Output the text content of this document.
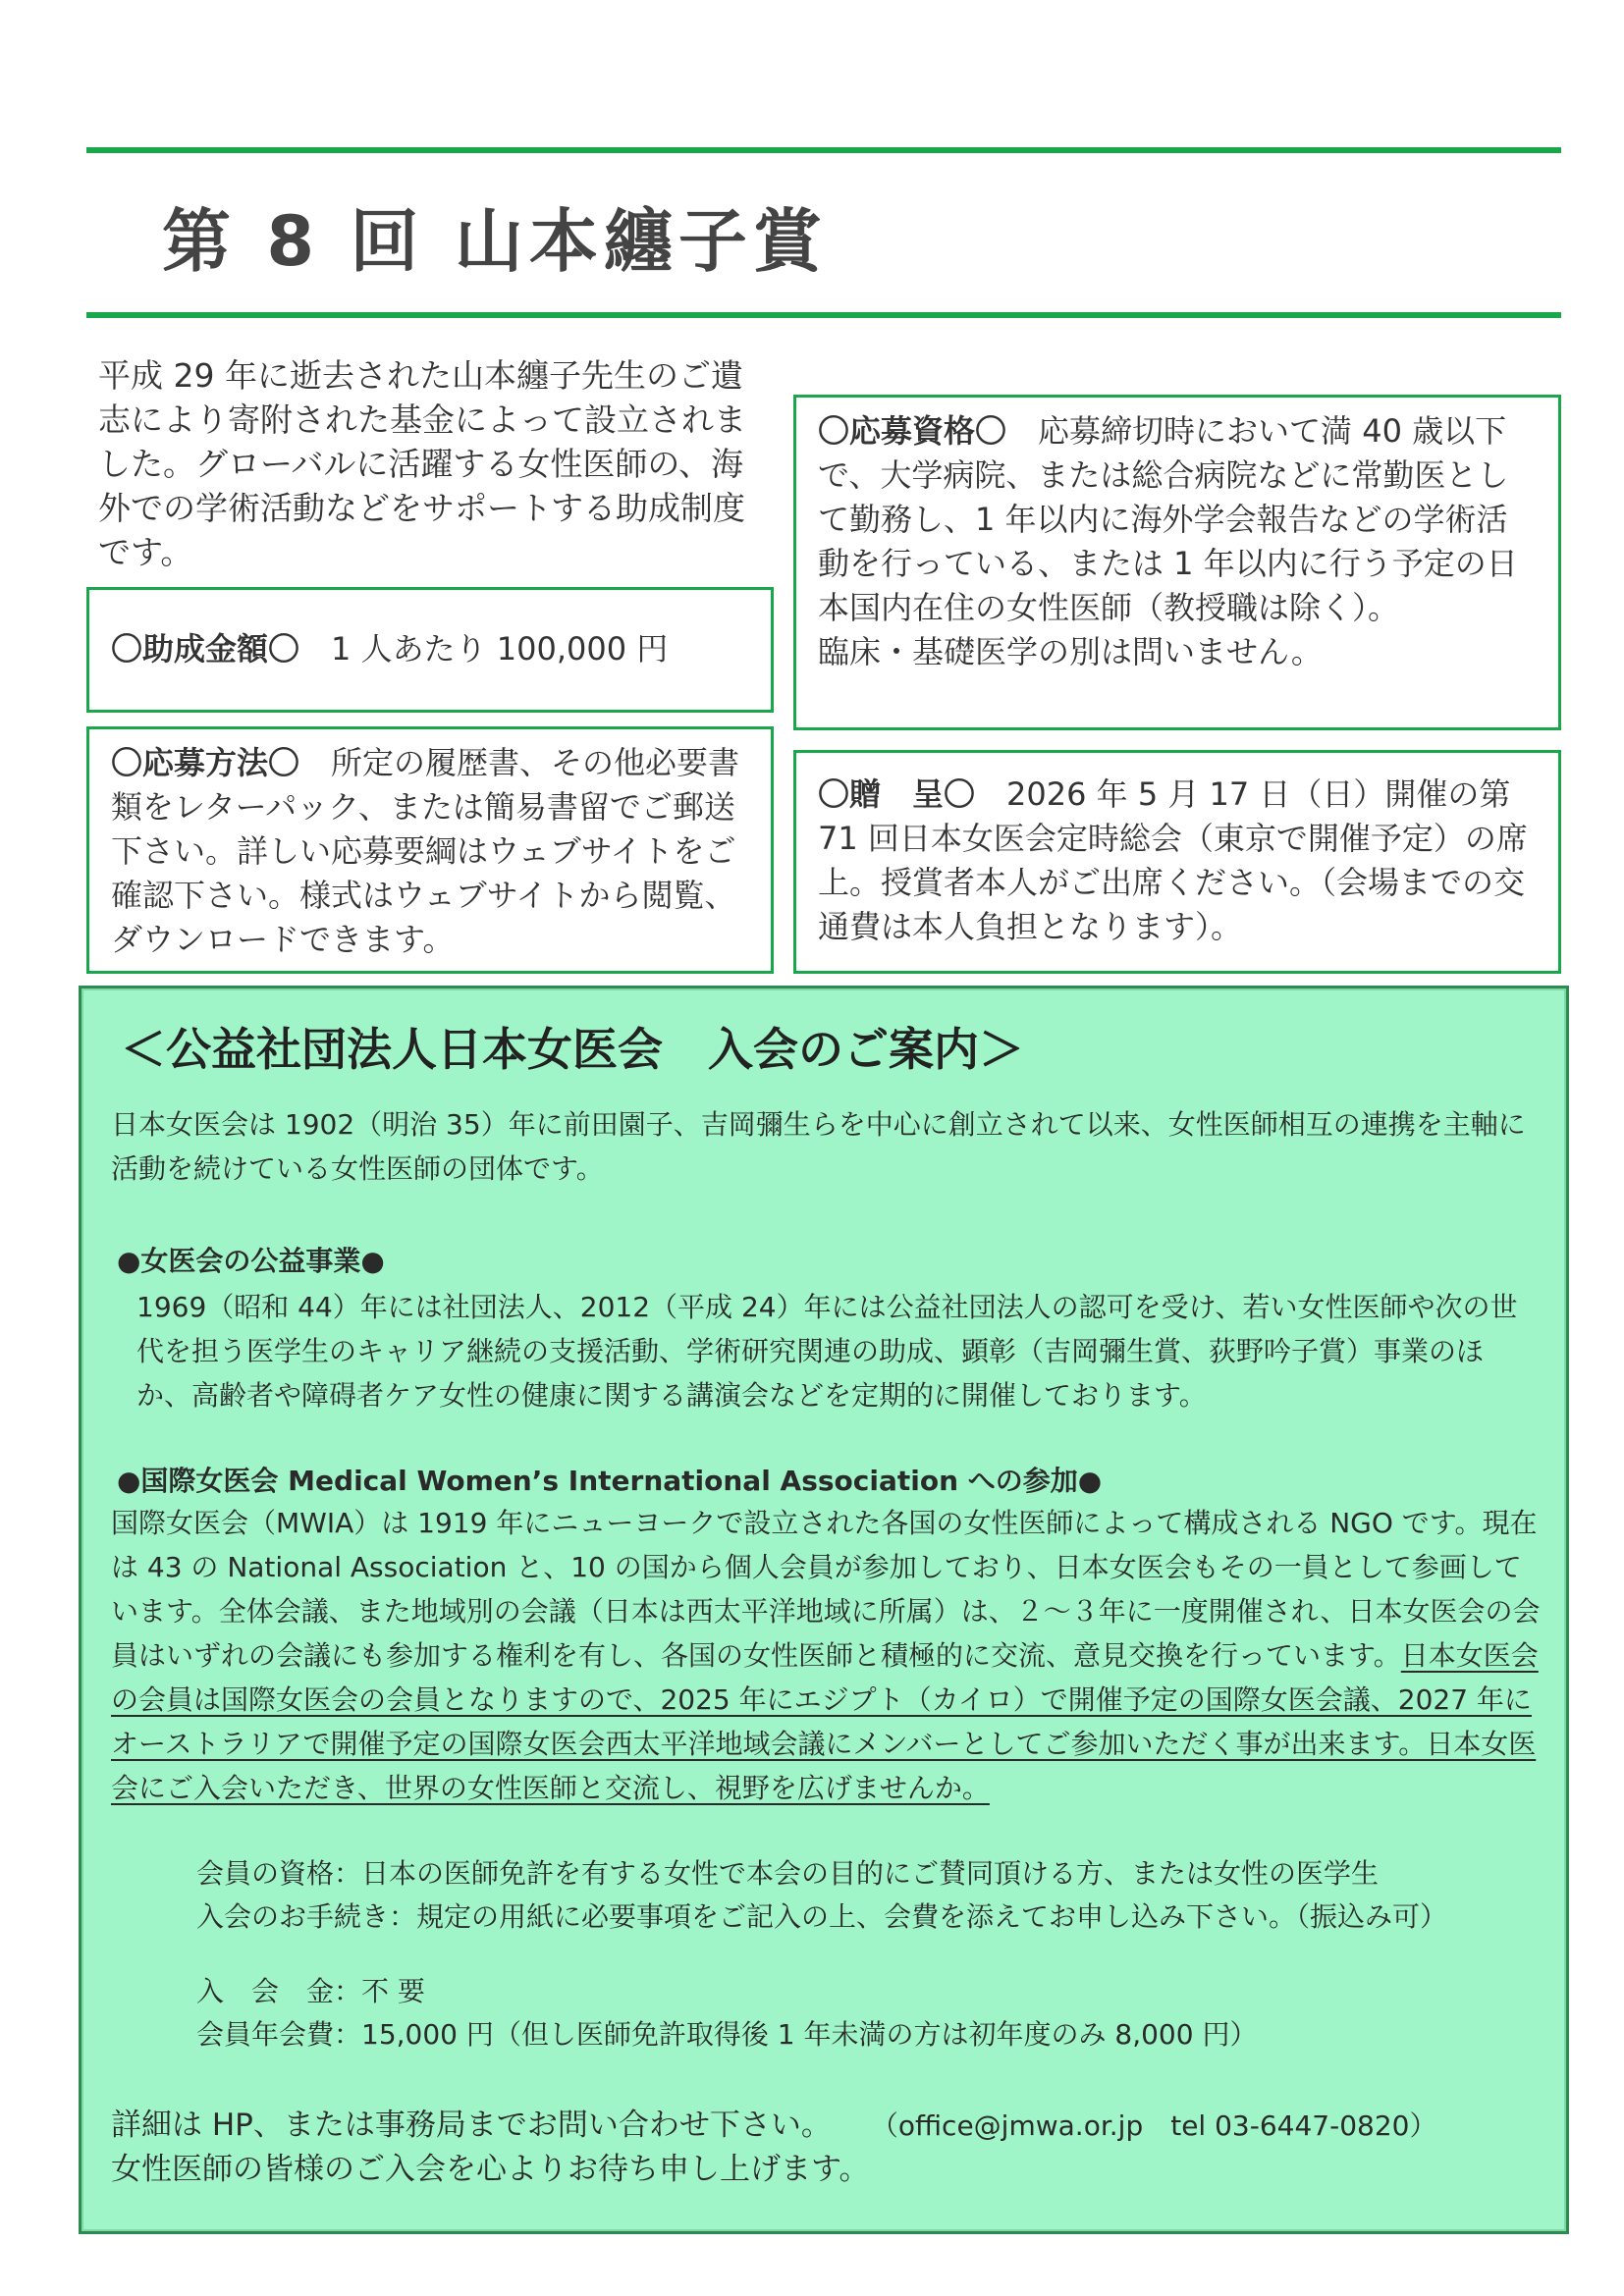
第 8 回 山本纏子賞

平成 29 年に逝去された山本纏子先生のご遺志により寄附された基金によって設立されました。グローバルに活躍する女性医師の、海外での学術活動などをサポートする助成制度です。

〇助成金額〇　 1 人あたり 100,000 円

〇応募方法〇　 所定の履歴書、その他必要書類をレターパック、または簡易書留でご郵送下さい。詳しい応募要綱はウェブサイトをご確認下さい。様式はウェブサイトから閲覧、ダウンロードできます。

〇応募資格〇　 応募締切時において満 40 歳以下で、大学病院、または総合病院などに常勤医として勤務し、1 年以内に海外学会報告などの学術活動を行っている、または 1 年以内に行う予定の日本国内在住の女性医師（教授職は除く）。

臨床・基礎医学の別は問いません。

〇贈　呈〇　 2026 年 5 月 17 日（日）開催の第 71 回日本女医会定時総会（東京で開催予定）の席上。授賞者本人がご出席ください。（会場までの交通費は本人負担となります）。

＜公益社団法人日本女医会　入会のご案内＞

日本女医会は 1902（明治 35）年に前田園子、吉岡彌生らを中心に創立されて以来、女性医師相互の連携を主軸に活動を続けている女性医師の団体です。

●女医会の公益事業●

1969（昭和 44）年には社団法人、2012（平成 24）年には公益社団法人の認可を受け、若い女性医師や次の世代を担う医学生のキャリア継続の支援活動、学術研究関連の助成、顕彰（吉岡彌生賞、荻野吟子賞）事業のほか、高齢者や障碍者ケア女性の健康に関する講演会などを定期的に開催しております。

●国際女医会 Medical Women’s International Association への参加●

国際女医会（MWIA）は 1919 年にニューヨークで設立された各国の女性医師によって構成される NGO です。現在は 43 の National Association と、10 の国から個人会員が参加しており、日本女医会もその一員として参画しています。全体会議、また地域別の会議（日本は西太平洋地域に所属）は、２～３年に一度開催され、日本女医会の会員はいずれの会議にも参加する権利を有し、各国の女性医師と積極的に交流、意見交換を行っています。日本女医会の会員は国際女医会の会員となりますので、2025 年にエジプト（カイロ）で開催予定の国際女医会議、2027 年にオーストラリアで開催予定の国際女医会西太平洋地域会議にメンバーとしてご参加いただく事が出来ます。日本女医会にご入会いただき、世界の女性医師と交流し、視野を広げませんか。

会員の資格：日本の医師免許を有する女性で本会の目的にご賛同頂ける方、または女性の医学生

入会のお手続き：規定の用紙に必要事項をご記入の上、会費を添えてお申し込み下さい。（振込み可）

入　会　金：不 要

会員年会費：15,000 円（但し医師免許取得後 1 年未満の方は初年度のみ 8,000 円）

詳細は HP、または事務局までお問い合わせ下さい。 （office@jmwa.or.jp　tel 03-6447-0820）

女性医師の皆様のご入会を心よりお待ち申し上げます。
